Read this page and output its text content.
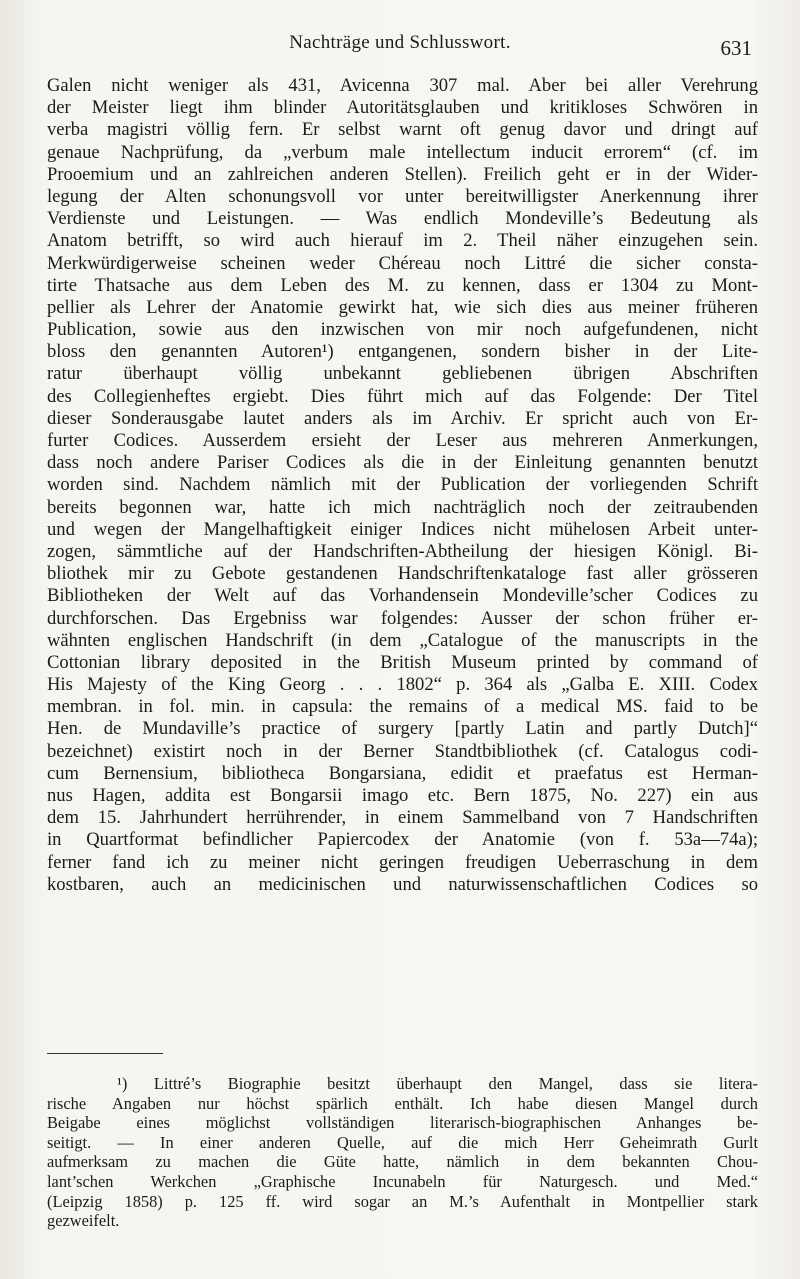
Nachträge und Schlusswort.	631
Galen nicht weniger als 431, Avicenna 307 mal. Aber bei aller Verehrung
der Meister liegt ihm blinder Autoritätsglauben und kritikloses Schwören in
verba magistri völlig fern. Er selbst warnt oft genug davor und dringt auf
genaue Nachprüfung, da „verbum male intellectum inducit errorem“ (cf. im
Prooemium und an zahlreichen anderen Stellen). Freilich geht er in der Wider-
legung der Alten schonungsvoll vor unter bereitwilligster Anerkennung ihrer
Verdienste und Leistungen. — Was endlich Mondeville’s Bedeutung als
Anatom betrifft, so wird auch hierauf im 2. Theil näher einzugehen sein.
Merkwürdigerweise scheinen weder Chéreau noch Littré die sicher consta-
tirte Thatsache aus dem Leben des M. zu kennen, dass er 1304 zu Mont-
pellier als Lehrer der Anatomie gewirkt hat, wie sich dies aus meiner früheren
Publication, sowie aus den inzwischen von mir noch aufgefundenen, nicht
bloss den genannten Autoren¹) entgangenen, sondern bisher in der Lite-
ratur überhaupt völlig unbekannt gebliebenen übrigen Abschriften
des Collegienheftes ergiebt. Dies führt mich auf das Folgende: Der Titel
dieser Sonderausgabe lautet anders als im Archiv. Er spricht auch von Er-
furter Codices. Ausserdem ersieht der Leser aus mehreren Anmerkungen,
dass noch andere Pariser Codices als die in der Einleitung genannten benutzt
worden sind. Nachdem nämlich mit der Publication der vorliegenden Schrift
bereits begonnen war, hatte ich mich nachträglich noch der zeitraubenden
und wegen der Mangelhaftigkeit einiger Indices nicht mühelosen Arbeit unter-
zogen, sämmtliche auf der Handschriften-Abtheilung der hiesigen Königl. Bi-
bliothek mir zu Gebote gestandenen Handschriftenkataloge fast aller grösseren
Bibliotheken der Welt auf das Vorhandensein Mondeville’scher Codices zu
durchforschen. Das Ergebniss war folgendes: Ausser der schon früher er-
wähnten englischen Handschrift (in dem „Catalogue of the manuscripts in the
Cottonian library deposited in the British Museum printed by command of
His Majesty of the King Georg . . . 1802“ p. 364 als „Galba E. XIII. Codex
membran. in fol. min. in capsula: the remains of a medical MS. faid to be
Hen. de Mundaville’s practice of surgery [partly Latin and partly Dutch]“
bezeichnet) existirt noch in der Berner Standtbibliothek (cf. Catalogus codi-
cum Bernensium, bibliotheca Bongarsiana, edidit et praefatus est Herman-
nus Hagen, addita est Bongarsii imago etc. Bern 1875, No. 227) ein aus
dem 15. Jahrhundert herrührender, in einem Sammelband von 7 Handschriften
in Quartformat befindlicher Papiercodex der Anatomie (von f. 53a—74a);
ferner fand ich zu meiner nicht geringen freudigen Ueberraschung in dem
kostbaren, auch an medicinischen und naturwissenschaftlichen Codices so
¹) Littré’s Biographie besitzt überhaupt den Mangel, dass sie litera-
rische Angaben nur höchst spärlich enthält. Ich habe diesen Mangel durch
Beigabe eines möglichst vollständigen literarisch-biographischen Anhanges be-
seitigt. — In einer anderen Quelle, auf die mich Herr Geheimrath Gurlt
aufmerksam zu machen die Güte hatte, nämlich in dem bekannten Chou-
lant’schen Werkchen „Graphische Incunabeln für Naturgesch. und Med.“
(Leipzig 1858) p. 125 ff. wird sogar an M.’s Aufenthalt in Montpellier stark
gezweifelt.
